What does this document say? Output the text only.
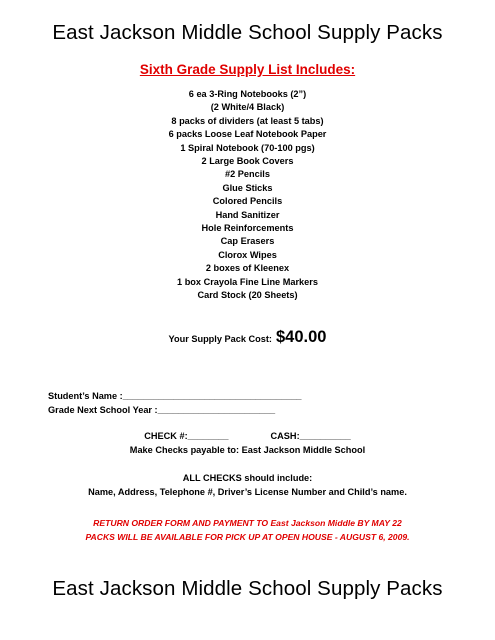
East Jackson Middle School Supply Packs
Sixth Grade Supply List Includes:
6 ea 3-Ring Notebooks (2”)
(2 White/4 Black)
8 packs of dividers (at least 5 tabs)
6 packs Loose Leaf Notebook Paper
1 Spiral Notebook (70-100 pgs)
2 Large Book Covers
#2 Pencils
Glue Sticks
Colored Pencils
Hand Sanitizer
Hole Reinforcements
Cap Erasers
Clorox Wipes
2 boxes of Kleenex
1 box Crayola Fine Line Markers
Card Stock (20 Sheets)
Your Supply Pack Cost: $40.00
Student’s Name :___________________________________
Grade Next School Year :_______________________
CHECK #:________	CASH:__________
Make Checks payable to: East Jackson Middle School
ALL CHECKS should include:
Name, Address, Telephone #, Driver’s License Number and Child’s name.
RETURN ORDER FORM AND PAYMENT TO East Jackson Middle BY MAY 22
PACKS WILL BE AVAILABLE FOR PICK UP AT OPEN HOUSE - AUGUST 6, 2009.
East Jackson Middle School Supply Packs
